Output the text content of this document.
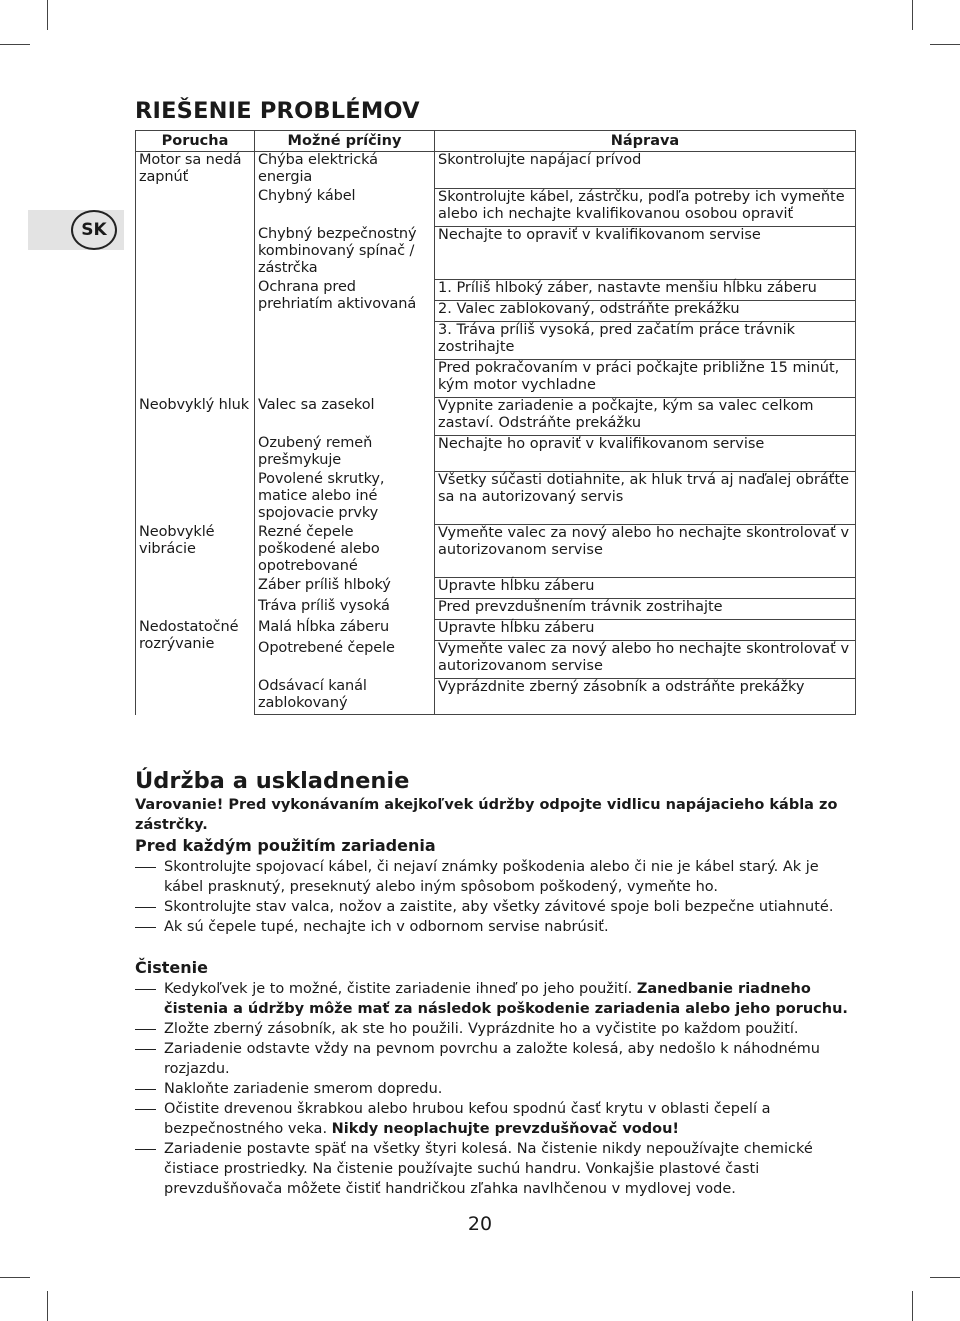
SK
RIEŠENIE PROBLÉMOV
Porucha	Možné príčiny	Náprava
Motor sa nedá zapnúť	Chýba elektrická energia	Skontrolujte napájací prívod

	Chybný kábel	Skontrolujte kábel, zástrčku, podľa potreby ich vymeňte alebo ich nechajte kvalifikovanou osobou opraviť

	Chybný bezpečnostný kombinovaný spínač / zástrčka	Nechajte to opraviť v kvalifikovanom servise

	Ochrana pred prehriatím aktivovaná	1. Príliš hlboký záber, nastavte menšiu hĺbku záberu
2. Valec zablokovaný, odstráňte prekážku
3. Tráva príliš vysoká, pred začatím práce trávnik zostrihajte
Pred pokračovaním v práci počkajte približne 15 minút, kým motor vychladne

Neobvyklý hluk	Valec sa zasekol	Vypnite zariadenie a počkajte, kým sa valec celkom zastaví. Odstráňte prekážku

	Ozubený remeň prešmykuje	Nechajte ho opraviť v kvalifikovanom servise

	Povolené skrutky, matice alebo iné spojovacie prvky	Všetky súčasti dotiahnite, ak hluk trvá aj naďalej obráťte sa na autorizovaný servis

Neobvyklé vibrácie	Rezné čepele poškodené alebo opotrebované	Vymeňte valec za nový alebo ho nechajte skontrolovať v autorizovanom servise

	Záber príliš hlboký	Upravte hĺbku záberu

	Tráva príliš vysoká	Pred prevzdušnením trávnik zostrihajte

Nedostatočné rozrývanie	Malá hĺbka záberu	Upravte hĺbku záberu

	Opotrebené čepele	Vymeňte valec za nový alebo ho nechajte skontrolovať v autorizovanom servise

	Odsávací kanál zablokovaný	Vyprázdnite zberný zásobník a odstráňte prekážky
Údržba a uskladnenie
Varovanie! Pred vykonávaním akejkoľvek údržby odpojte vidlicu napájacieho kábla zo zástrčky.
Pred každým použitím zariadenia
Skontrolujte spojovací kábel, či nejaví známky poškodenia alebo či nie je kábel starý. Ak je kábel prasknutý, preseknutý alebo iným spôsobom poškodený, vymeňte ho.
Skontrolujte stav valca, nožov a zaistite, aby všetky závitové spoje boli bezpečne utiahnuté.
Ak sú čepele tupé, nechajte ich v odbornom servise nabrúsiť.
Čistenie
Kedykoľvek je to možné, čistite zariadenie ihneď po jeho použití. Zanedbanie riadneho čistenia a údržby môže mať za následok poškodenie zariadenia alebo jeho poruchu.
Zložte zberný zásobník, ak ste ho použili. Vyprázdnite ho a vyčistite po každom použití.
Zariadenie odstavte vždy na pevnom povrchu a založte kolesá, aby nedošlo k náhodnému rozjazdu.
Nakloňte zariadenie smerom dopredu.
Očistite drevenou škrabkou alebo hrubou kefou spodnú časť krytu v oblasti čepelí a bezpečnostného veka. Nikdy neoplachujte prevzdušňovač vodou!
Zariadenie postavte späť na všetky štyri kolesá. Na čistenie nikdy nepoužívajte chemické čistiace prostriedky. Na čistenie používajte suchú handru. Vonkajšie plastové časti prevzdušňovača môžete čistiť handričkou zľahka navlhčenou v mydlovej vode.
20
